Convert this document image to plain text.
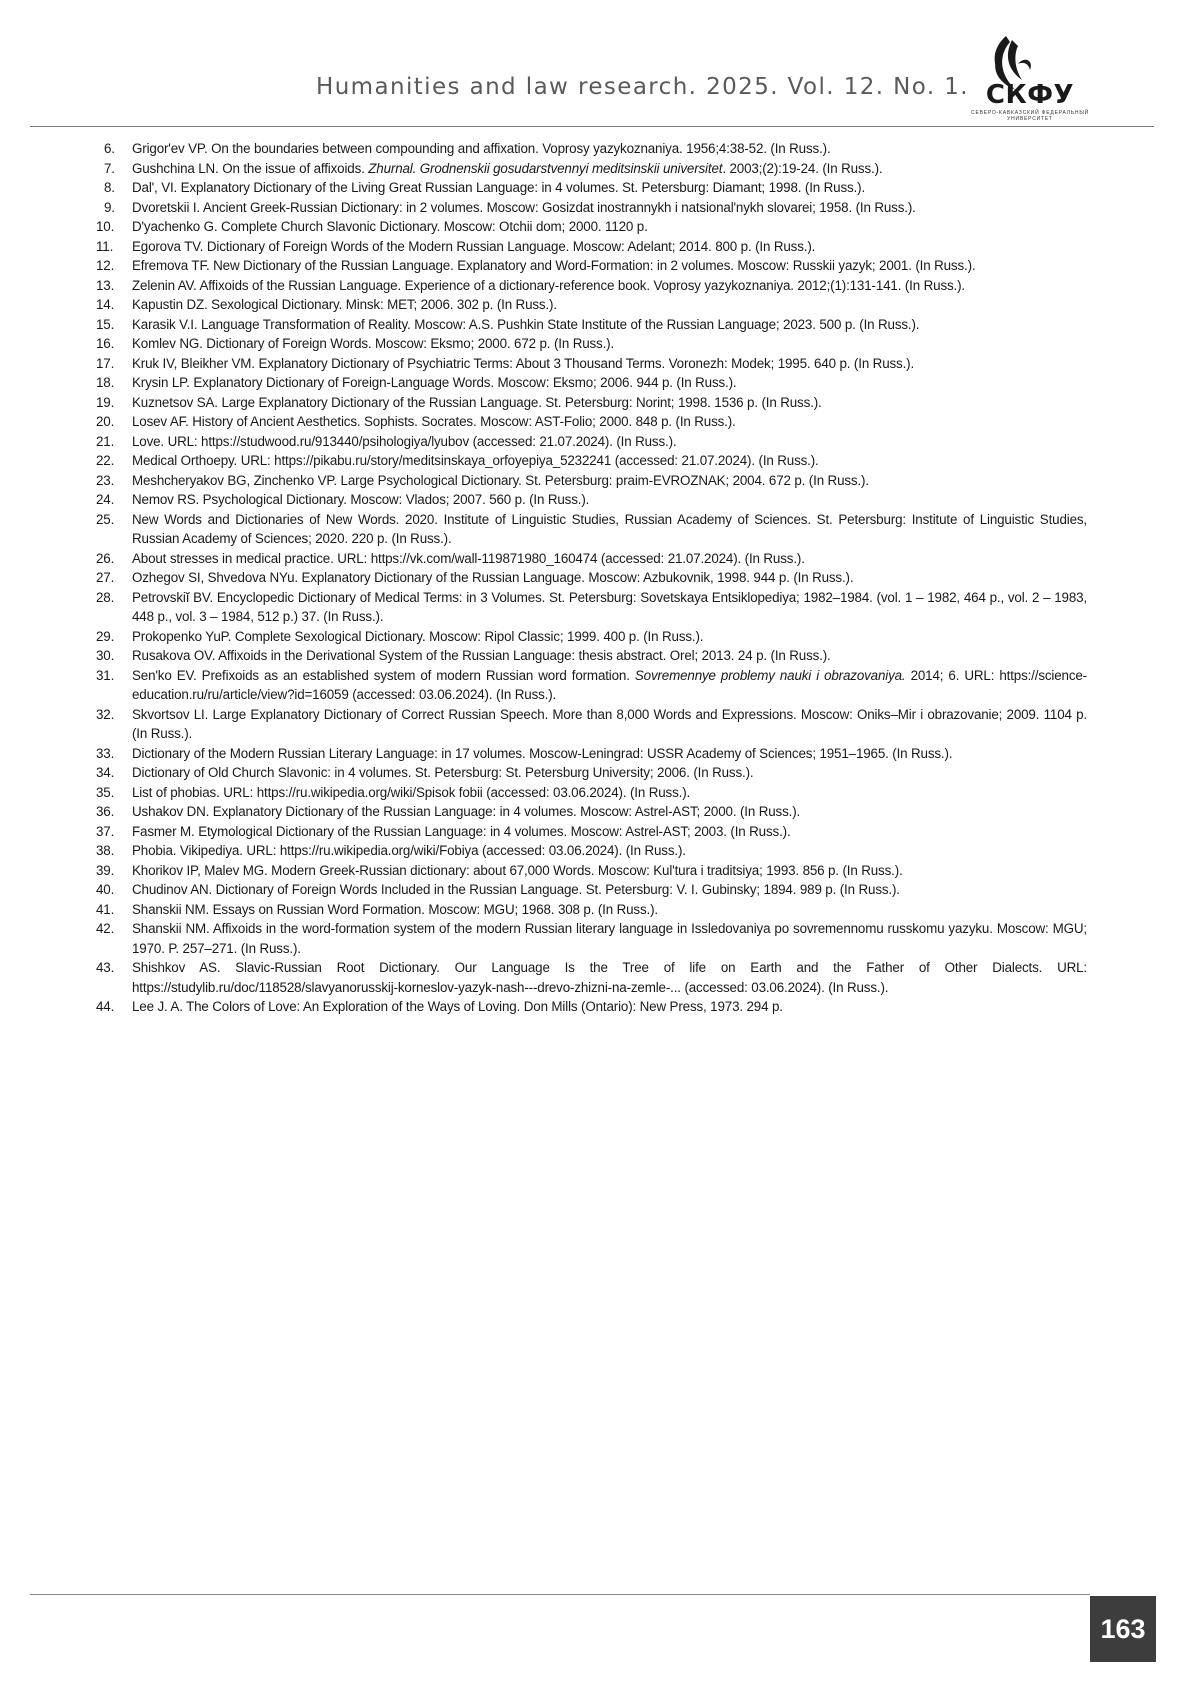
Humanities and law research. 2025. Vol. 12. No. 1. СКФУ
СЕВЕРО-КАВКАЗСКИЙ ФЕДЕРАЛЬНЫЙ УНИВЕРСИТЕТ
6. Grigor'ev VP. On the boundaries between compounding and affixation. Voprosy yazykoznaniya. 1956;4:38-52. (In Russ.).
7. Gushchina LN. On the issue of affixoids. Zhurnal. Grodnenskii gosudarstvennyi meditsinskii universitet. 2003;(2):19-24. (In Russ.).
8. Dal', VI. Explanatory Dictionary of the Living Great Russian Language: in 4 volumes. St. Petersburg: Diamant; 1998. (In Russ.).
9. Dvoretskii I. Ancient Greek-Russian Dictionary: in 2 volumes. Moscow: Gosizdat inostrannykh i natsional'nykh slovarei; 1958. (In Russ.).
10. D'yachenko G. Complete Church Slavonic Dictionary. Moscow: Otchii dom; 2000. 1120 p.
11. Egorova TV. Dictionary of Foreign Words of the Modern Russian Language. Moscow: Adelant; 2014. 800 p. (In Russ.).
12. Efremova TF. New Dictionary of the Russian Language. Explanatory and Word-Formation: in 2 volumes. Moscow: Russkii yazyk; 2001. (In Russ.).
13. Zelenin AV. Affixoids of the Russian Language. Experience of a dictionary-reference book. Voprosy yazykoznaniya. 2012;(1):131-141. (In Russ.).
14. Kapustin DZ. Sexological Dictionary. Minsk: MET; 2006. 302 p. (In Russ.).
15. Karasik V.I. Language Transformation of Reality. Moscow: A.S. Pushkin State Institute of the Russian Language; 2023. 500 p. (In Russ.).
16. Komlev NG. Dictionary of Foreign Words. Moscow: Eksmo; 2000. 672 p. (In Russ.).
17. Kruk IV, Bleikher VM. Explanatory Dictionary of Psychiatric Terms: About 3 Thousand Terms. Voronezh: Modek; 1995. 640 p. (In Russ.).
18. Krysin LP. Explanatory Dictionary of Foreign-Language Words. Moscow: Eksmo; 2006. 944 p. (In Russ.).
19. Kuznetsov SA. Large Explanatory Dictionary of the Russian Language. St. Petersburg: Norint; 1998. 1536 p. (In Russ.).
20. Losev AF. History of Ancient Aesthetics. Sophists. Socrates. Moscow: AST-Folio; 2000. 848 p. (In Russ.).
21. Love. URL: https://studwood.ru/913440/psihologiya/lyubov (accessed: 21.07.2024). (In Russ.).
22. Medical Orthoepy. URL: https://pikabu.ru/story/meditsinskaya_orfoyepiya_5232241 (accessed: 21.07.2024). (In Russ.).
23. Meshcheryakov BG, Zinchenko VP. Large Psychological Dictionary. St. Petersburg: praim-EVROZNAK; 2004. 672 p. (In Russ.).
24. Nemov RS. Psychological Dictionary. Moscow: Vlados; 2007. 560 p. (In Russ.).
25. New Words and Dictionaries of New Words. 2020. Institute of Linguistic Studies, Russian Academy of Sciences. St. Petersburg: Institute of Linguistic Studies, Russian Academy of Sciences; 2020. 220 p. (In Russ.).
26. About stresses in medical practice. URL: https://vk.com/wall-119871980_160474 (accessed: 21.07.2024). (In Russ.).
27. Ozhegov SI, Shvedova NYu. Explanatory Dictionary of the Russian Language. Moscow: Azbukovnik, 1998. 944 p. (In Russ.).
28. Petrovskiĭ BV. Encyclopedic Dictionary of Medical Terms: in 3 Volumes. St. Petersburg: Sovetskaya Entsiklopediya; 1982–1984. (vol. 1 – 1982, 464 p., vol. 2 – 1983, 448 p., vol. 3 – 1984, 512 p.) 37. (In Russ.).
29. Prokopenko YuP. Complete Sexological Dictionary. Moscow: Ripol Classic; 1999. 400 p. (In Russ.).
30. Rusakova OV. Affixoids in the Derivational System of the Russian Language: thesis abstract. Orel; 2013. 24 p. (In Russ.).
31. Sen'ko EV. Prefixoids as an established system of modern Russian word formation. Sovremennye problemy nauki i obrazovaniya. 2014; 6. URL: https://science-education.ru/ru/article/view?id=16059 (accessed: 03.06.2024). (In Russ.).
32. Skvortsov LI. Large Explanatory Dictionary of Correct Russian Speech. More than 8,000 Words and Expressions. Moscow: Oniks–Mir i obrazovanie; 2009. 1104 p. (In Russ.).
33. Dictionary of the Modern Russian Literary Language: in 17 volumes. Moscow-Leningrad: USSR Academy of Sciences; 1951–1965. (In Russ.).
34. Dictionary of Old Church Slavonic: in 4 volumes. St. Petersburg: St. Petersburg University; 2006. (In Russ.).
35. List of phobias. URL: https://ru.wikipedia.org/wiki/Spisok fobii (accessed: 03.06.2024). (In Russ.).
36. Ushakov DN. Explanatory Dictionary of the Russian Language: in 4 volumes. Moscow: Astrel-AST; 2000. (In Russ.).
37. Fasmer M. Etymological Dictionary of the Russian Language: in 4 volumes. Moscow: Astrel-AST; 2003. (In Russ.).
38. Phobia. Vikipediya. URL: https://ru.wikipedia.org/wiki/Fobiya (accessed: 03.06.2024). (In Russ.).
39. Khorikov IP, Malev MG. Modern Greek-Russian dictionary: about 67,000 Words. Moscow: Kul'tura i traditsiya; 1993. 856 p. (In Russ.).
40. Chudinov AN. Dictionary of Foreign Words Included in the Russian Language. St. Petersburg: V. I. Gubinsky; 1894. 989 p. (In Russ.).
41. Shanskii NM. Essays on Russian Word Formation. Moscow: MGU; 1968. 308 p. (In Russ.).
42. Shanskii NM. Affixoids in the word-formation system of the modern Russian literary language in Issledovaniya po sovremennomu russkomu yazyku. Moscow: MGU; 1970. P. 257–271. (In Russ.).
43. Shishkov AS. Slavic-Russian Root Dictionary. Our Language Is the Tree of life on Earth and the Father of Other Dialects. URL: https://studylib.ru/doc/118528/slavyanorusskij-korneslov-yazyk-nash---drevo-zhizni-na-zemle-... (accessed: 03.06.2024). (In Russ.).
44. Lee J. A. The Colors of Love: An Exploration of the Ways of Loving. Don Mills (Ontario): New Press, 1973. 294 p.
163
